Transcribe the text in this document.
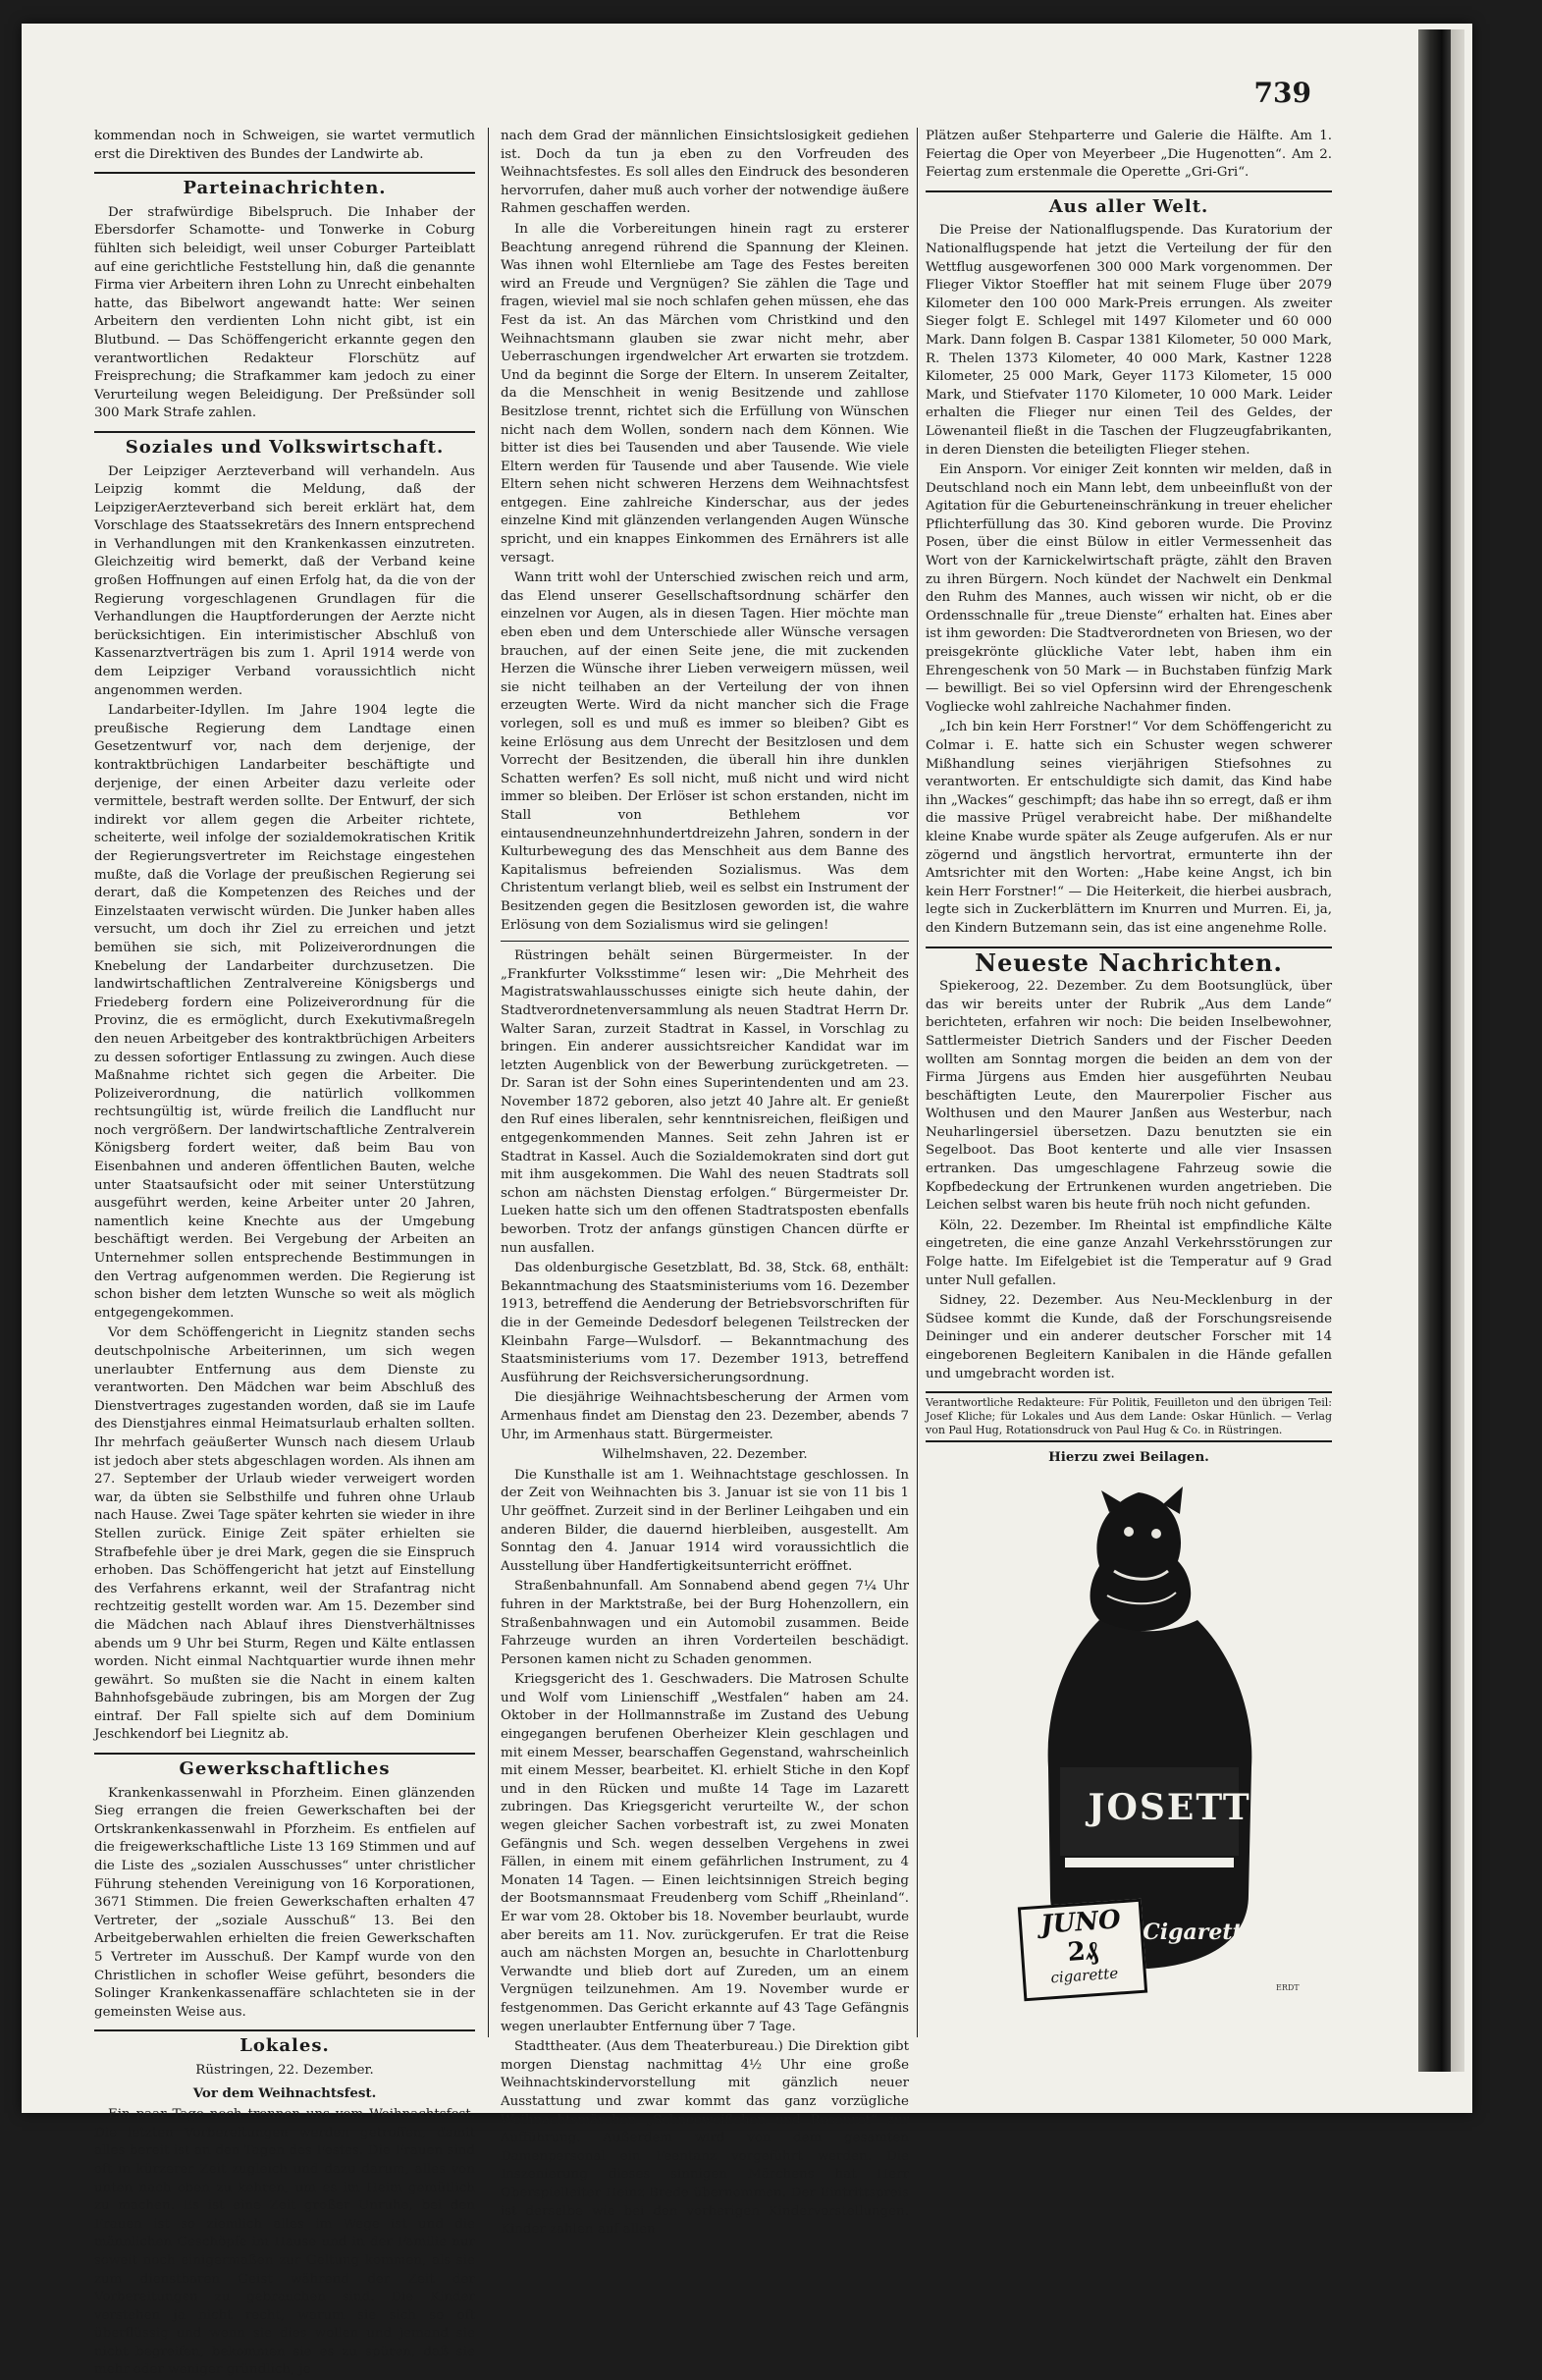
739

kommendan noch in Schweigen, sie wartet vermutlich erst die Direktiven des Bundes der Landwirte ab.

Parteinachrichten.

Der strafwürdige Bibelspruch. Die Inhaber der Ebersdorfer Schamotte- und Tonwerke in Coburg fühlten sich beleidigt, weil unser Coburger Parteiblatt auf eine gerichtliche Feststellung hin, daß die genannte Firma vier Arbeitern ihren Lohn zu Unrecht einbehalten hatte, das Bibelwort angewandt hatte: Wer seinen Arbeitern den verdienten Lohn nicht gibt, ist ein Blutbund. — Das Schöffengericht erkannte gegen den verantwortlichen Redakteur Florschütz auf Freisprechung; die Strafkammer kam jedoch zu einer Verurteilung wegen Beleidigung. Der Preßsünder soll 300 Mark Strafe zahlen.

Soziales und Volkswirtschaft.

Der Leipziger Aerzteverband will verhandeln. Aus Leipzig kommt die Meldung, daß der LeipzigerAerzteverband sich bereit erklärt hat, dem Vorschlage des Staatssekretärs des Innern entsprechend in Verhandlungen mit den Krankenkassen einzutreten. Gleichzeitig wird bemerkt, daß der Verband keine großen Hoffnungen auf einen Erfolg hat, da die von der Regierung vorgeschlagenen Grundlagen für die Verhandlungen die Hauptforderungen der Aerzte nicht berücksichtigen. Ein interimistischer Abschluß von Kassenarztverträgen bis zum 1. April 1914 werde von dem Leipziger Verband voraussichtlich nicht angenommen werden.

Landarbeiter-Idyllen. Im Jahre 1904 legte die preußische Regierung dem Landtage einen Gesetzentwurf vor, nach dem derjenige, der kontraktbrüchigen Landarbeiter beschäftigte und derjenige, der einen Arbeiter dazu verleite oder vermittele, bestraft werden sollte. Der Entwurf, der sich indirekt vor allem gegen die Arbeiter richtete, scheiterte, weil infolge der sozialdemokratischen Kritik der Regierungsvertreter im Reichstage eingestehen mußte, daß die Vorlage der preußischen Regierung sei derart, daß die Kompetenzen des Reiches und der Einzelstaaten verwischt würden. Die Junker haben alles versucht, um doch ihr Ziel zu erreichen und jetzt bemühen sie sich, mit Polizeiverordnungen die Knebelung der Landarbeiter durchzusetzen. Die landwirtschaftlichen Zentralvereine Königsbergs und Friedeberg fordern eine Polizeiverordnung für die Provinz, die es ermöglicht, durch Exekutivmaßregeln den neuen Arbeitgeber des kontraktbrüchigen Arbeiters zu dessen sofortiger Entlassung zu zwingen. Auch diese Maßnahme richtet sich gegen die Arbeiter. Die Polizeiverordnung, die natürlich vollkommen rechtsungültig ist, würde freilich die Landflucht nur noch vergrößern. Der landwirtschaftliche Zentralverein Königsberg fordert weiter, daß beim Bau von Eisenbahnen und anderen öffentlichen Bauten, welche unter Staatsaufsicht oder mit seiner Unterstützung ausgeführt werden, keine Arbeiter unter 20 Jahren, namentlich keine Knechte aus der Umgebung beschäftigt werden. Bei Vergebung der Arbeiten an Unternehmer sollen entsprechende Bestimmungen in den Vertrag aufgenommen werden. Die Regierung ist schon bisher dem letzten Wunsche so weit als möglich entgegengekommen.

Vor dem Schöffengericht in Liegnitz standen sechs deutschpolnische Arbeiterinnen, um sich wegen unerlaubter Entfernung aus dem Dienste zu verantworten. Den Mädchen war beim Abschluß des Dienstvertrages zugestanden worden, daß sie im Laufe des Dienstjahres einmal Heimatsurlaub erhalten sollten. Ihr mehrfach geäußerter Wunsch nach diesem Urlaub ist jedoch aber stets abgeschlagen worden. Als ihnen am 27. September der Urlaub wieder verweigert worden war, da übten sie Selbsthilfe und fuhren ohne Urlaub nach Hause. Zwei Tage später kehrten sie wieder in ihre Stellen zurück. Einige Zeit später erhielten sie Strafbefehle über je drei Mark, gegen die sie Einspruch erhoben. Das Schöffengericht hat jetzt auf Einstellung des Verfahrens erkannt, weil der Strafantrag nicht rechtzeitig gestellt worden war. Am 15. Dezember sind die Mädchen nach Ablauf ihres Dienstverhältnisses abends um 9 Uhr bei Sturm, Regen und Kälte entlassen worden. Nicht einmal Nachtquartier wurde ihnen mehr gewährt. So mußten sie die Nacht in einem kalten Bahnhofsgebäude zubringen, bis am Morgen der Zug eintraf. Der Fall spielte sich auf dem Dominium Jeschkendorf bei Liegnitz ab.

Gewerkschaftliches

Krankenkassenwahl in Pforzheim. Einen glänzenden Sieg errangen die freien Gewerkschaften bei der Ortskrankenkassenwahl in Pforzheim. Es entfielen auf die freigewerkschaftliche Liste 13 169 Stimmen und auf die Liste des „sozialen Ausschusses“ unter christlicher Führung stehenden Vereinigung von 16 Korporationen, 3671 Stimmen. Die freien Gewerkschaften erhalten 47 Vertreter, der „soziale Ausschuß“ 13. Bei den Arbeitgeberwahlen erhielten die freien Gewerkschaften 5 Vertreter im Ausschuß. Der Kampf wurde von den Christlichen in schofler Weise geführt, besonders die Solinger Krankenkassenaffäre schlachteten sie in der gemeinsten Weise aus.

Lokales.

Rüstringen, 22. Dezember.

Vor dem Weihnachtsfest.

Ein paar Tage noch trennen uns vom Weihnachtsfest. Die letzten Vorbereitungen werden getroffen, damit alles bereit ist an den Tagen des Festes. Die Frauen sind oft in kürzerer Zeit zugleich und dazu darum, alles von unten nach oben zu kehren, um es im Heim gemütlich zu machen. Es ist eine Zeit großer Unruhe, bei den Frauen ist so ziemlich alles im Wege ist und die männlichen Geschöpfe im Hause und in der Familie nur soweit noch einigermaßen zur Geltung kommen, als sie zum dienstbaren Geist während der Zeit der Vorbereitungen zu gebrauchen sind. Die Kinder verstehen ja nicht recht, warum sie sich so oft überflüssig und wenn sie dies wollen und jemand sie nicht begreifen, bekommen sie es zu spüren, daß sie mehr oder weniger gründlich, je

nach dem Grad der männlichen Einsichtslosigkeit gediehen ist. Doch da tun ja eben zu den Vorfreuden des Weihnachtsfestes. Es soll alles den Eindruck des besonderen hervorrufen, daher muß auch vorher der notwendige äußere Rahmen geschaffen werden.

In alle die Vorbereitungen hinein ragt zu ersterer Beachtung anregend rührend die Spannung der Kleinen. Was ihnen wohl Elternliebe am Tage des Festes bereiten wird an Freude und Vergnügen? Sie zählen die Tage und fragen, wieviel mal sie noch schlafen gehen müssen, ehe das Fest da ist. An das Märchen vom Christkind und den Weihnachtsmann glauben sie zwar nicht mehr, aber Ueberraschungen irgendwelcher Art erwarten sie trotzdem. Und da beginnt die Sorge der Eltern. In unserem Zeitalter, da die Menschheit in wenig Besitzende und zahllose Besitzlose trennt, richtet sich die Erfüllung von Wünschen nicht nach dem Wollen, sondern nach dem Können. Wie bitter ist dies bei Tausenden und aber Tausende. Wie viele Eltern werden für Tausende und aber Tausende. Wie viele Eltern sehen nicht schweren Herzens dem Weihnachtsfest entgegen. Eine zahlreiche Kinderschar, aus der jedes einzelne Kind mit glänzenden verlangenden Augen Wünsche spricht, und ein knappes Einkommen des Ernährers ist alle versagt.

Wann tritt wohl der Unterschied zwischen reich und arm, das Elend unserer Gesellschaftsordnung schärfer den einzelnen vor Augen, als in diesen Tagen. Hier möchte man eben eben und dem Unterschiede aller Wünsche versagen brauchen, auf der einen Seite jene, die mit zuckenden Herzen die Wünsche ihrer Lieben verweigern müssen, weil sie nicht teilhaben an der Verteilung der von ihnen erzeugten Werte. Wird da nicht mancher sich die Frage vorlegen, soll es und muß es immer so bleiben? Gibt es keine Erlösung aus dem Unrecht der Besitzlosen und dem Vorrecht der Besitzenden, die überall hin ihre dunklen Schatten werfen? Es soll nicht, muß nicht und wird nicht immer so bleiben. Der Erlöser ist schon erstanden, nicht im Stall von Bethlehem vor eintausendneunzehnhundertdreizehn Jahren, sondern in der Kulturbewegung des das Menschheit aus dem Banne des Kapitalismus befreienden Sozialismus. Was dem Christentum verlangt blieb, weil es selbst ein Instrument der Besitzenden gegen die Besitzlosen geworden ist, die wahre Erlösung von dem Sozialismus wird sie gelingen!

Rüstringen behält seinen Bürgermeister. In der „Frankfurter Volksstimme“ lesen wir: „Die Mehrheit des Magistratswahlausschusses einigte sich heute dahin, der Stadtverordnetenversammlung als neuen Stadtrat Herrn Dr. Walter Saran, zurzeit Stadtrat in Kassel, in Vorschlag zu bringen. Ein anderer aussichtsreicher Kandidat war im letzten Augenblick von der Bewerbung zurückgetreten. — Dr. Saran ist der Sohn eines Superintendenten und am 23. November 1872 geboren, also jetzt 40 Jahre alt. Er genießt den Ruf eines liberalen, sehr kenntnisreichen, fleißigen und entgegenkommenden Mannes. Seit zehn Jahren ist er Stadtrat in Kassel. Auch die Sozialdemokraten sind dort gut mit ihm ausgekommen. Die Wahl des neuen Stadtrats soll schon am nächsten Dienstag erfolgen.“ Bürgermeister Dr. Lueken hatte sich um den offenen Stadtratsposten ebenfalls beworben. Trotz der anfangs günstigen Chancen dürfte er nun ausfallen.

Das oldenburgische Gesetzblatt, Bd. 38, Stck. 68, enthält: Bekanntmachung des Staatsministeriums vom 16. Dezember 1913, betreffend die Aenderung der Betriebsvorschriften für die in der Gemeinde Dedesdorf belegenen Teilstrecken der Kleinbahn Farge—Wulsdorf. — Bekanntmachung des Staatsministeriums vom 17. Dezember 1913, betreffend Ausführung der Reichsversicherungsordnung.

Die diesjährige Weihnachtsbescherung der Armen vom Armenhaus findet am Dienstag den 23. Dezember, abends 7 Uhr, im Armenhaus statt. Bürgermeister.

Wilhelmshaven, 22. Dezember.

Die Kunsthalle ist am 1. Weihnachtstage geschlossen. In der Zeit von Weihnachten bis 3. Januar ist sie von 11 bis 1 Uhr geöffnet. Zurzeit sind in der Berliner Leihgaben und ein anderen Bilder, die dauernd hierbleiben, ausgestellt. Am Sonntag den 4. Januar 1914 wird voraussichtlich die Ausstellung über Handfertigkeitsunterricht eröffnet.

Straßenbahnunfall. Am Sonnabend abend gegen 7¼ Uhr fuhren in der Marktstraße, bei der Burg Hohenzollern, ein Straßenbahnwagen und ein Automobil zusammen. Beide Fahrzeuge wurden an ihren Vorderteilen beschädigt. Personen kamen nicht zu Schaden genommen.

Kriegsgericht des 1. Geschwaders. Die Matrosen Schulte und Wolf vom Linienschiff „Westfalen“ haben am 24. Oktober in der Hollmannstraße im Zustand des Uebung eingegangen berufenen Oberheizer Klein geschlagen und mit einem Messer, bearschaffen Gegenstand, wahrscheinlich mit einem Messer, bearbeitet. Kl. erhielt Stiche in den Kopf und in den Rücken und mußte 14 Tage im Lazarett zubringen. Das Kriegsgericht verurteilte W., der schon wegen gleicher Sachen vorbestraft ist, zu zwei Monaten Gefängnis und Sch. wegen desselben Vergehens in zwei Fällen, in einem mit einem gefährlichen Instrument, zu 4 Monaten 14 Tagen. — Einen leichtsinnigen Streich beging der Bootsmannsmaat Freudenberg vom Schiff „Rheinland“. Er war vom 28. Oktober bis 18. November beurlaubt, wurde aber bereits am 11. Nov. zurückgerufen. Er trat die Reise auch am nächsten Morgen an, besuchte in Charlottenburg Verwandte und blieb dort auf Zureden, um an einem Vergnügen teilzunehmen. Am 19. November wurde er festgenommen. Das Gericht erkannte auf 43 Tage Gefängnis wegen unerlaubter Entfernung über 7 Tage.

Stadttheater. (Aus dem Theaterbureau.) Die Direktion gibt morgen Dienstag nachmittag 4½ Uhr eine große Weihnachtskindervorstellung mit gänzlich neuer Ausstattung und zwar kommt das ganz vorzügliche Weihnachtsmärchen „Schneeweißchen und Rosenrot“ zur Aufführung. Außerdem wird von dem gesamten Damenpersonal ein Feentanz vorgeführt werden. Die Inszenierung dieses sinnigen Märchens hat Herr Oberspielleiter Heinz Brede übernommen. Der Eintrittspreis ist derselbe wie bei den vorherigen Kindervorstellungen. Kinder zahlen auf allen

Plätzen außer Stehparterre und Galerie die Hälfte. Am 1. Feiertag die Oper von Meyerbeer „Die Hugenotten“. Am 2. Feiertag zum erstenmale die Operette „Gri-Gri“.

Aus aller Welt.

Die Preise der Nationalflugspende. Das Kuratorium der Nationalflugspende hat jetzt die Verteilung der für den Wettflug ausgeworfenen 300 000 Mark vorgenommen. Der Flieger Viktor Stoeffler hat mit seinem Fluge über 2079 Kilometer den 100 000 Mark-Preis errungen. Als zweiter Sieger folgt E. Schlegel mit 1497 Kilometer und 60 000 Mark. Dann folgen B. Caspar 1381 Kilometer, 50 000 Mark, R. Thelen 1373 Kilometer, 40 000 Mark, Kastner 1228 Kilometer, 25 000 Mark, Geyer 1173 Kilometer, 15 000 Mark, und Stiefvater 1170 Kilometer, 10 000 Mark. Leider erhalten die Flieger nur einen Teil des Geldes, der Löwenanteil fließt in die Taschen der Flugzeugfabrikanten, in deren Diensten die beteiligten Flieger stehen.

Ein Ansporn. Vor einiger Zeit konnten wir melden, daß in Deutschland noch ein Mann lebt, dem unbeeinflußt von der Agitation für die Geburteneinschränkung in treuer ehelicher Pflichterfüllung das 30. Kind geboren wurde. Die Provinz Posen, über die einst Bülow in eitler Vermessenheit das Wort von der Karnickelwirtschaft prägte, zählt den Braven zu ihren Bürgern. Noch kündet der Nachwelt ein Denkmal den Ruhm des Mannes, auch wissen wir nicht, ob er die Ordensschnalle für „treue Dienste“ erhalten hat. Eines aber ist ihm geworden: Die Stadtverordneten von Briesen, wo der preisgekrönte glückliche Vater lebt, haben ihm ein Ehrengeschenk von 50 Mark — in Buchstaben fünfzig Mark — bewilligt. Bei so viel Opfersinn wird der Ehrengeschenk Vogliecke wohl zahlreiche Nachahmer finden.

„Ich bin kein Herr Forstner!“ Vor dem Schöffengericht zu Colmar i. E. hatte sich ein Schuster wegen schwerer Mißhandlung seines vierjährigen Stiefsohnes zu verantworten. Er entschuldigte sich damit, das Kind habe ihn „Wackes“ geschimpft; das habe ihn so erregt, daß er ihm die massive Prügel verabreicht habe. Der mißhandelte kleine Knabe wurde später als Zeuge aufgerufen. Als er nur zögernd und ängstlich hervortrat, ermunterte ihn der Amtsrichter mit den Worten: „Habe keine Angst, ich bin kein Herr Forstner!“ — Die Heiterkeit, die hierbei ausbrach, legte sich in Zuckerblättern im Knurren und Murren. Ei, ja, den Kindern Butzemann sein, das ist eine angenehme Rolle.

Neueste Nachrichten.

Spiekeroog, 22. Dezember. Zu dem Bootsunglück, über das wir bereits unter der Rubrik „Aus dem Lande“ berichteten, erfahren wir noch: Die beiden Inselbewohner, Sattlermeister Dietrich Sanders und der Fischer Deeden wollten am Sonntag morgen die beiden an dem von der Firma Jürgens aus Emden hier ausgeführten Neubau beschäftigten Leute, den Maurerpolier Fischer aus Wolthusen und den Maurer Janßen aus Westerbur, nach Neuharlingersiel übersetzen. Dazu benutzten sie ein Segelboot. Das Boot kenterte und alle vier Insassen ertranken. Das umgeschlagene Fahrzeug sowie die Kopfbedeckung der Ertrunkenen wurden angetrieben. Die Leichen selbst waren bis heute früh noch nicht gefunden.

Köln, 22. Dezember. Im Rheintal ist empfindliche Kälte eingetreten, die eine ganze Anzahl Verkehrsstörungen zur Folge hatte. Im Eifelgebiet ist die Temperatur auf 9 Grad unter Null gefallen.

Sidney, 22. Dezember. Aus Neu-Mecklenburg in der Südsee kommt die Kunde, daß der Forschungsreisende Deininger und ein anderer deutscher Forscher mit 14 eingeborenen Begleitern Kanibalen in die Hände gefallen und umgebracht worden ist.

Verantwortliche Redakteure: Für Politik, Feuilleton und den übrigen Teil: Josef Kliche; für Lokales und Aus dem Lande: Oskar Hünlich. — Verlag von Paul Hug, Rotationsdruck von Paul Hug & Co. in Rüstringen.

Hierzu zwei Beilagen.

JOSETTI
Cigaretten
JUNO
2₰
cigarette
ERDT
